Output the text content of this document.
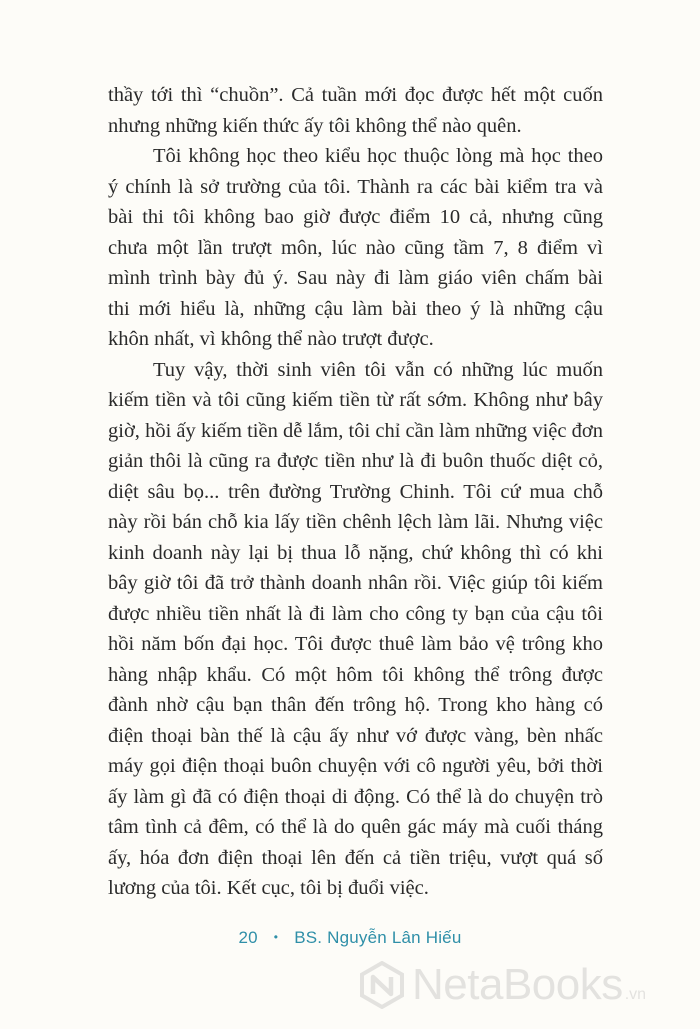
thầy tới thì “chuồn”. Cả tuần mới đọc được hết một cuốn
nhưng những kiến thức ấy tôi không thể nào quên.
Tôi không học theo kiểu học thuộc lòng mà học theo
ý chính là sở trường của tôi. Thành ra các bài kiểm tra và
bài thi tôi không bao giờ được điểm 10 cả, nhưng cũng
chưa một lần trượt môn, lúc nào cũng tầm 7, 8 điểm vì
mình trình bày đủ ý. Sau này đi làm giáo viên chấm bài
thi mới hiểu là, những cậu làm bài theo ý là những cậu
khôn nhất, vì không thể nào trượt được.
Tuy vậy, thời sinh viên tôi vẫn có những lúc muốn
kiếm tiền và tôi cũng kiếm tiền từ rất sớm. Không như bây
giờ, hồi ấy kiếm tiền dễ lắm, tôi chỉ cần làm những việc đơn
giản thôi là cũng ra được tiền như là đi buôn thuốc diệt cỏ,
diệt sâu bọ... trên đường Trường Chinh. Tôi cứ mua chỗ
này rồi bán chỗ kia lấy tiền chênh lệch làm lãi. Nhưng việc
kinh doanh này lại bị thua lỗ nặng, chứ không thì có khi
bây giờ tôi đã trở thành doanh nhân rồi. Việc giúp tôi kiếm
được nhiều tiền nhất là đi làm cho công ty bạn của cậu tôi
hồi năm bốn đại học. Tôi được thuê làm bảo vệ trông kho
hàng nhập khẩu. Có một hôm tôi không thể trông được
đành nhờ cậu bạn thân đến trông hộ. Trong kho hàng có
điện thoại bàn thế là cậu ấy như vớ được vàng, bèn nhấc
máy gọi điện thoại buôn chuyện với cô người yêu, bởi thời
ấy làm gì đã có điện thoại di động. Có thể là do chuyện trò
tâm tình cả đêm, có thể là do quên gác máy mà cuối tháng
ấy, hóa đơn điện thoại lên đến cả tiền triệu, vượt quá số
lương của tôi. Kết cục, tôi bị đuổi việc.
20 • BS. Nguyễn Lân Hiếu
NetaBooks .vn
